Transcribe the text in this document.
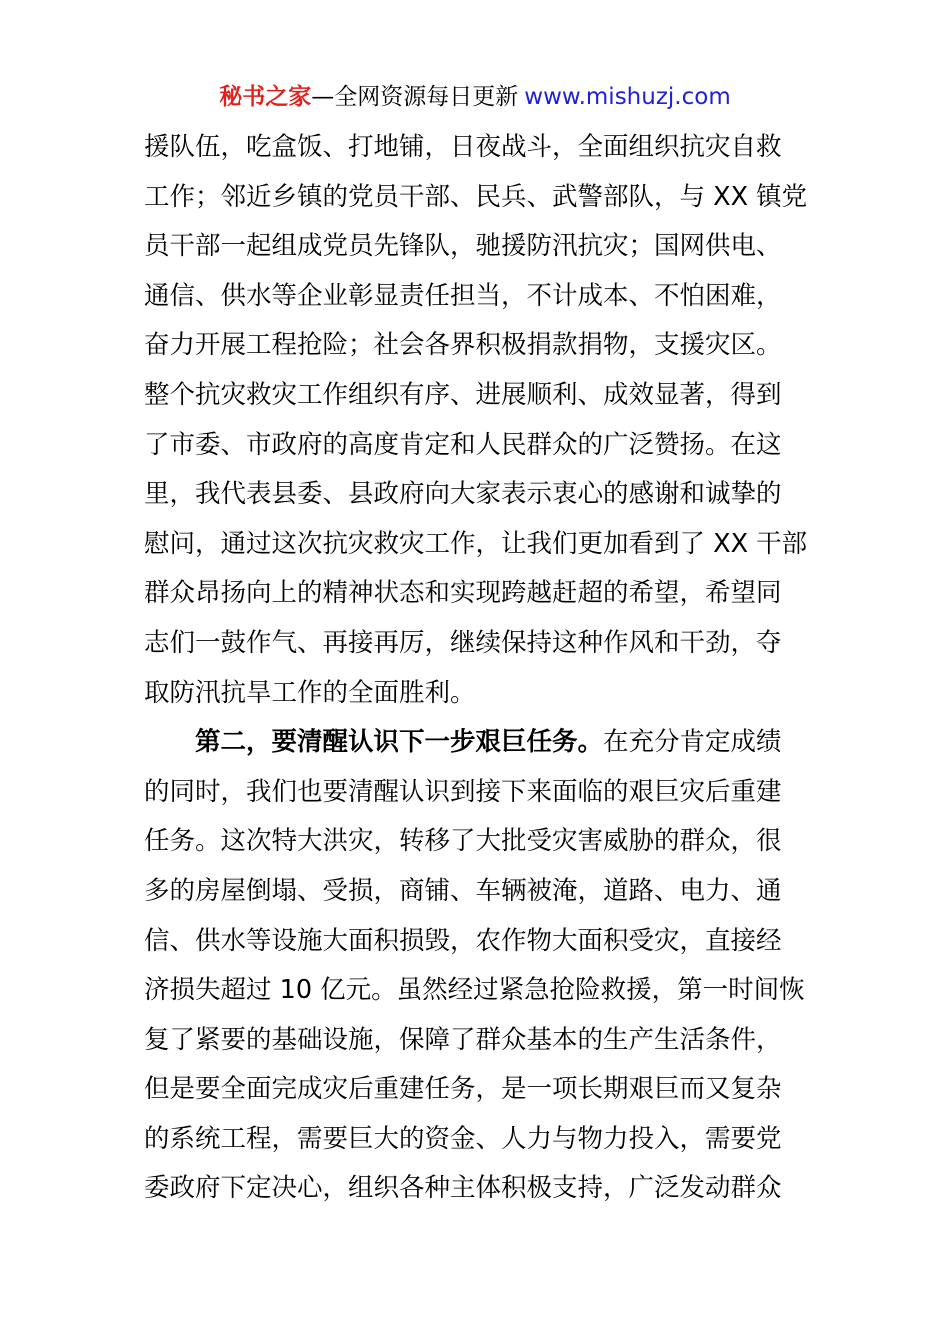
秘书之家—全网资源每日更新 www.mishuzj.com
援队伍，吃盒饭、打地铺，日夜战斗，全面组织抗灾自救
工作；邻近乡镇的党员干部、民兵、武警部队，与 XX 镇党
员干部一起组成党员先锋队，驰援防汛抗灾；国网供电、
通信、供水等企业彰显责任担当，不计成本、不怕困难，
奋力开展工程抢险；社会各界积极捐款捐物，支援灾区。
整个抗灾救灾工作组织有序、进展顺利、成效显著，得到
了市委、市政府的高度肯定和人民群众的广泛赞扬。在这
里，我代表县委、县政府向大家表示衷心的感谢和诚挚的
慰问，通过这次抗灾救灾工作，让我们更加看到了 XX 干部
群众昂扬向上的精神状态和实现跨越赶超的希望，希望同
志们一鼓作气、再接再厉，继续保持这种作风和干劲，夺
取防汛抗旱工作的全面胜利。
第二，要清醒认识下一步艰巨任务。在充分肯定成绩
的同时，我们也要清醒认识到接下来面临的艰巨灾后重建
任务。这次特大洪灾，转移了大批受灾害威胁的群众，很
多的房屋倒塌、受损，商铺、车辆被淹，道路、电力、通
信、供水等设施大面积损毁，农作物大面积受灾，直接经
济损失超过 10 亿元。虽然经过紧急抢险救援，第一时间恢
复了紧要的基础设施，保障了群众基本的生产生活条件，
但是要全面完成灾后重建任务，是一项长期艰巨而又复杂
的系统工程，需要巨大的资金、人力与物力投入，需要党
委政府下定决心，组织各种主体积极支持，广泛发动群众
